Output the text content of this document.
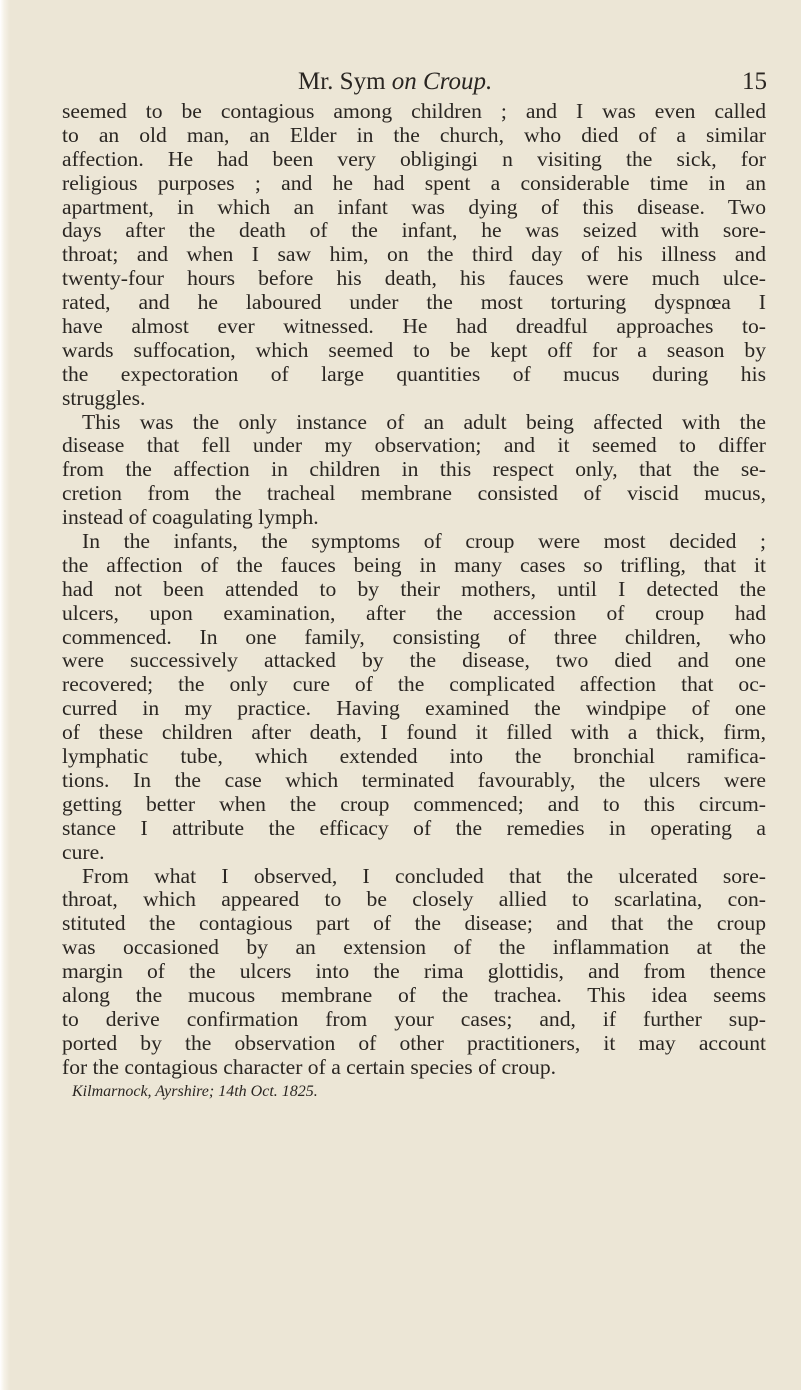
Mr. Sym on Croup.	15
seemed to be contagious among children ; and I was even called
to an old man, an Elder in the church, who died of a similar
affection. He had been very obligingi n visiting the sick, for
religious purposes ; and he had spent a considerable time in an
apartment, in which an infant was dying of this disease. Two
days after the death of the infant, he was seized with sore-
throat; and when I saw him, on the third day of his illness and
twenty-four hours before his death, his fauces were much ulce-
rated, and he laboured under the most torturing dyspnœa I
have almost ever witnessed. He had dreadful approaches to-
wards suffocation, which seemed to be kept off for a season by
the expectoration of large quantities of mucus during his
struggles.
This was the only instance of an adult being affected with the
disease that fell under my observation; and it seemed to differ
from the affection in children in this respect only, that the se-
cretion from the tracheal membrane consisted of viscid mucus,
instead of coagulating lymph.
In the infants, the symptoms of croup were most decided ;
the affection of the fauces being in many cases so trifling, that it
had not been attended to by their mothers, until I detected the
ulcers, upon examination, after the accession of croup had
commenced. In one family, consisting of three children, who
were successively attacked by the disease, two died and one
recovered; the only cure of the complicated affection that oc-
curred in my practice. Having examined the windpipe of one
of these children after death, I found it filled with a thick, firm,
lymphatic tube, which extended into the bronchial ramifica-
tions. In the case which terminated favourably, the ulcers were
getting better when the croup commenced; and to this circum-
stance I attribute the efficacy of the remedies in operating a
cure.
From what I observed, I concluded that the ulcerated sore-
throat, which appeared to be closely allied to scarlatina, con-
stituted the contagious part of the disease; and that the croup
was occasioned by an extension of the inflammation at the
margin of the ulcers into the rima glottidis, and from thence
along the mucous membrane of the trachea. This idea seems
to derive confirmation from your cases; and, if further sup-
ported by the observation of other practitioners, it may account
for the contagious character of a certain species of croup.
Kilmarnock, Ayrshire; 14th Oct. 1825.
